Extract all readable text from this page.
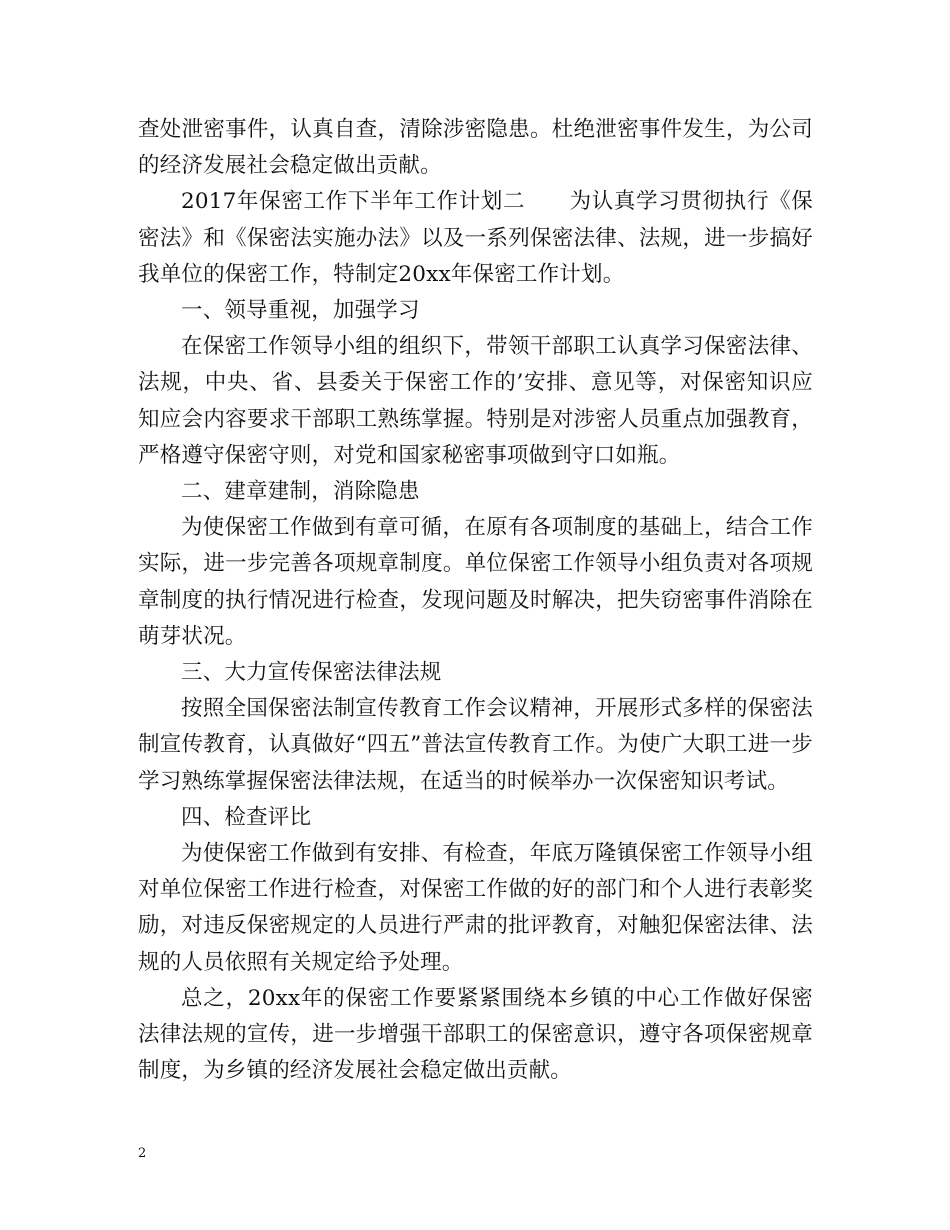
查处泄密事件，认真自查，清除涉密隐患。杜绝泄密事件发生，为公司的经济发展社会稳定做出贡献。

2017年保密工作下半年工作计划二　　为认真学习贯彻执行《保密法》和《保密法实施办法》以及一系列保密法律、法规，进一步搞好我单位的保密工作，特制定20xx年保密工作计划。

一、领导重视，加强学习

在保密工作领导小组的组织下，带领干部职工认真学习保密法律、法规，中央、省、县委关于保密工作的’安排、意见等，对保密知识应知应会内容要求干部职工熟练掌握。特别是对涉密人员重点加强教育，严格遵守保密守则，对党和国家秘密事项做到守口如瓶。

二、建章建制，消除隐患

为使保密工作做到有章可循，在原有各项制度的基础上，结合工作实际，进一步完善各项规章制度。单位保密工作领导小组负责对各项规章制度的执行情况进行检查，发现问题及时解决，把失窃密事件消除在萌芽状况。

三、大力宣传保密法律法规

按照全国保密法制宣传教育工作会议精神，开展形式多样的保密法制宣传教育，认真做好“四五”普法宣传教育工作。为使广大职工进一步学习熟练掌握保密法律法规，在适当的时候举办一次保密知识考试。

四、检查评比

为使保密工作做到有安排、有检查，年底万隆镇保密工作领导小组对单位保密工作进行检查，对保密工作做的好的部门和个人进行表彰奖励，对违反保密规定的人员进行严肃的批评教育，对触犯保密法律、法规的人员依照有关规定给予处理。

总之，20xx年的保密工作要紧紧围绕本乡镇的中心工作做好保密法律法规的宣传，进一步增强干部职工的保密意识，遵守各项保密规章制度，为乡镇的经济发展社会稳定做出贡献。

2
